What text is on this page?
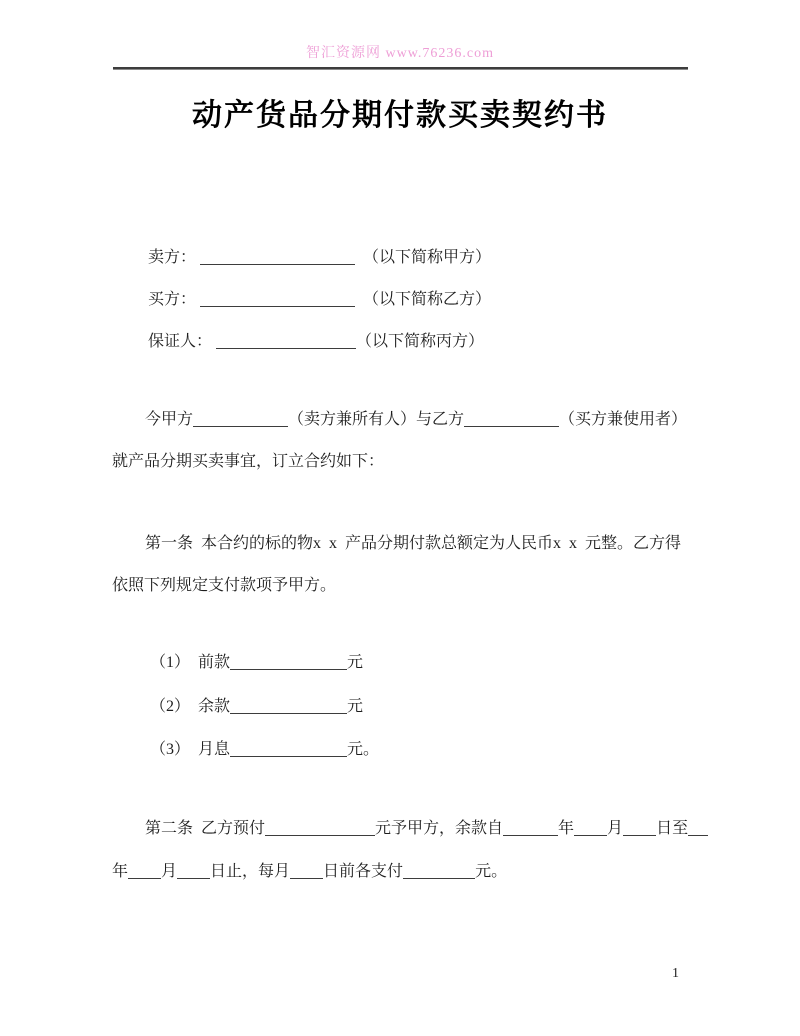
智汇资源网 www.76236.com
动产货品分期付款买卖契约书
卖方：	（以下简称甲方）
买方：	（以下简称乙方）
保证人：	（以下简称丙方）
今甲方	（卖方兼所有人）与乙方	（买方兼使用者）
就产品分期买卖事宜，订立合约如下：
第一条  本合约的标的物x  x  产品分期付款总额定为人民币x  x  元整。乙方得
依照下列规定支付款项予甲方。
（1）  前款	元
（2）  余款	元
（3）  月息	元。
第二条  乙方预付	元予甲方，余款自	年 月 日至
年 月 日止，每月 日前各支付	元。
1
